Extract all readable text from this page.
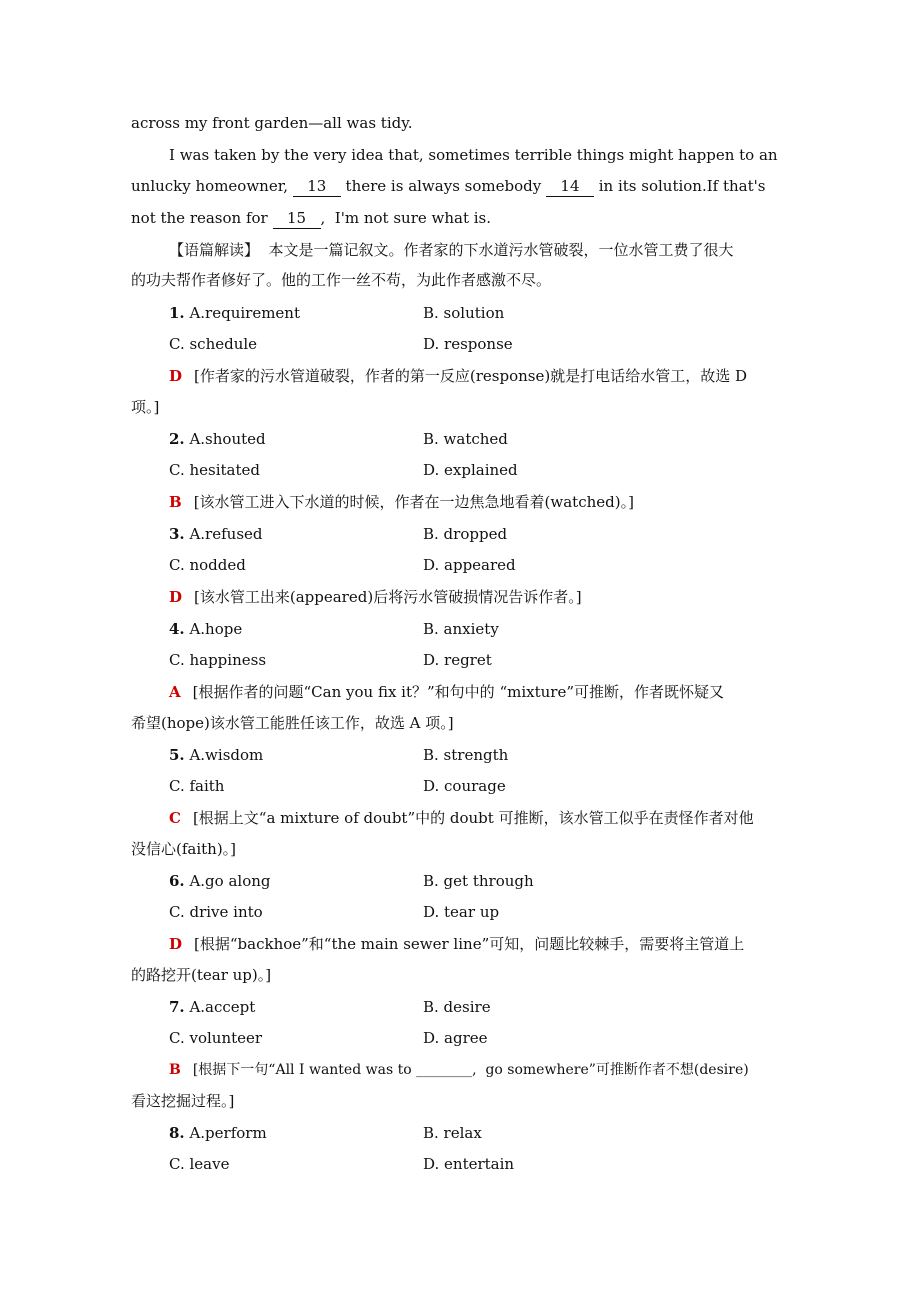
across my front garden—all was tidy.
I was taken by the very idea that, sometimes terrible things might happen to an
unlucky homeowner, 13 there is always somebody 14 in its solution.If that's
not the reason for 15 ,  I'm not sure what is.
【语篇解读】  本文是一篇记叙文。作者家的下水道污水管破裂，一位水管工费了很大
的功夫帮作者修好了。他的工作一丝不苟，为此作者感激不尽。
1. A.requirement	B. solution
C. schedule	D. response
D [作者家的污水管道破裂，作者的第一反应(response)就是打电话给水管工，故选 D
项。]
2. A.shouted	B. watched
C. hesitated	D. explained
B [该水管工进入下水道的时候，作者在一边焦急地看着(watched)。]
3. A.refused	B. dropped
C. nodded	D. appeared
D [该水管工出来(appeared)后将污水管破损情况告诉作者。]
4. A.hope	B. anxiety
C. happiness	D. regret
A [根据作者的问题“Can you fix it？”和句中的 “mixture”可推断，作者既怀疑又
希望(hope)该水管工能胜任该工作，故选 A 项。]
5. A.wisdom	B. strength
C. faith	D. courage
C [根据上文“a mixture of doubt”中的 doubt 可推断，该水管工似乎在责怪作者对他
没信心(faith)。]
6. A.go along	B. get through
C. drive into	D. tear up
D [根据“backhoe”和“the main sewer line”可知，问题比较棘手，需要将主管道上
的路挖开(tear up)。]
7. A.accept	B. desire
C. volunteer	D. agree
B [根据下一句“All I wanted was to ________,  go somewhere”可推断作者不想(desire)
看这挖掘过程。]
8. A.perform	B. relax
C. leave	D. entertain
